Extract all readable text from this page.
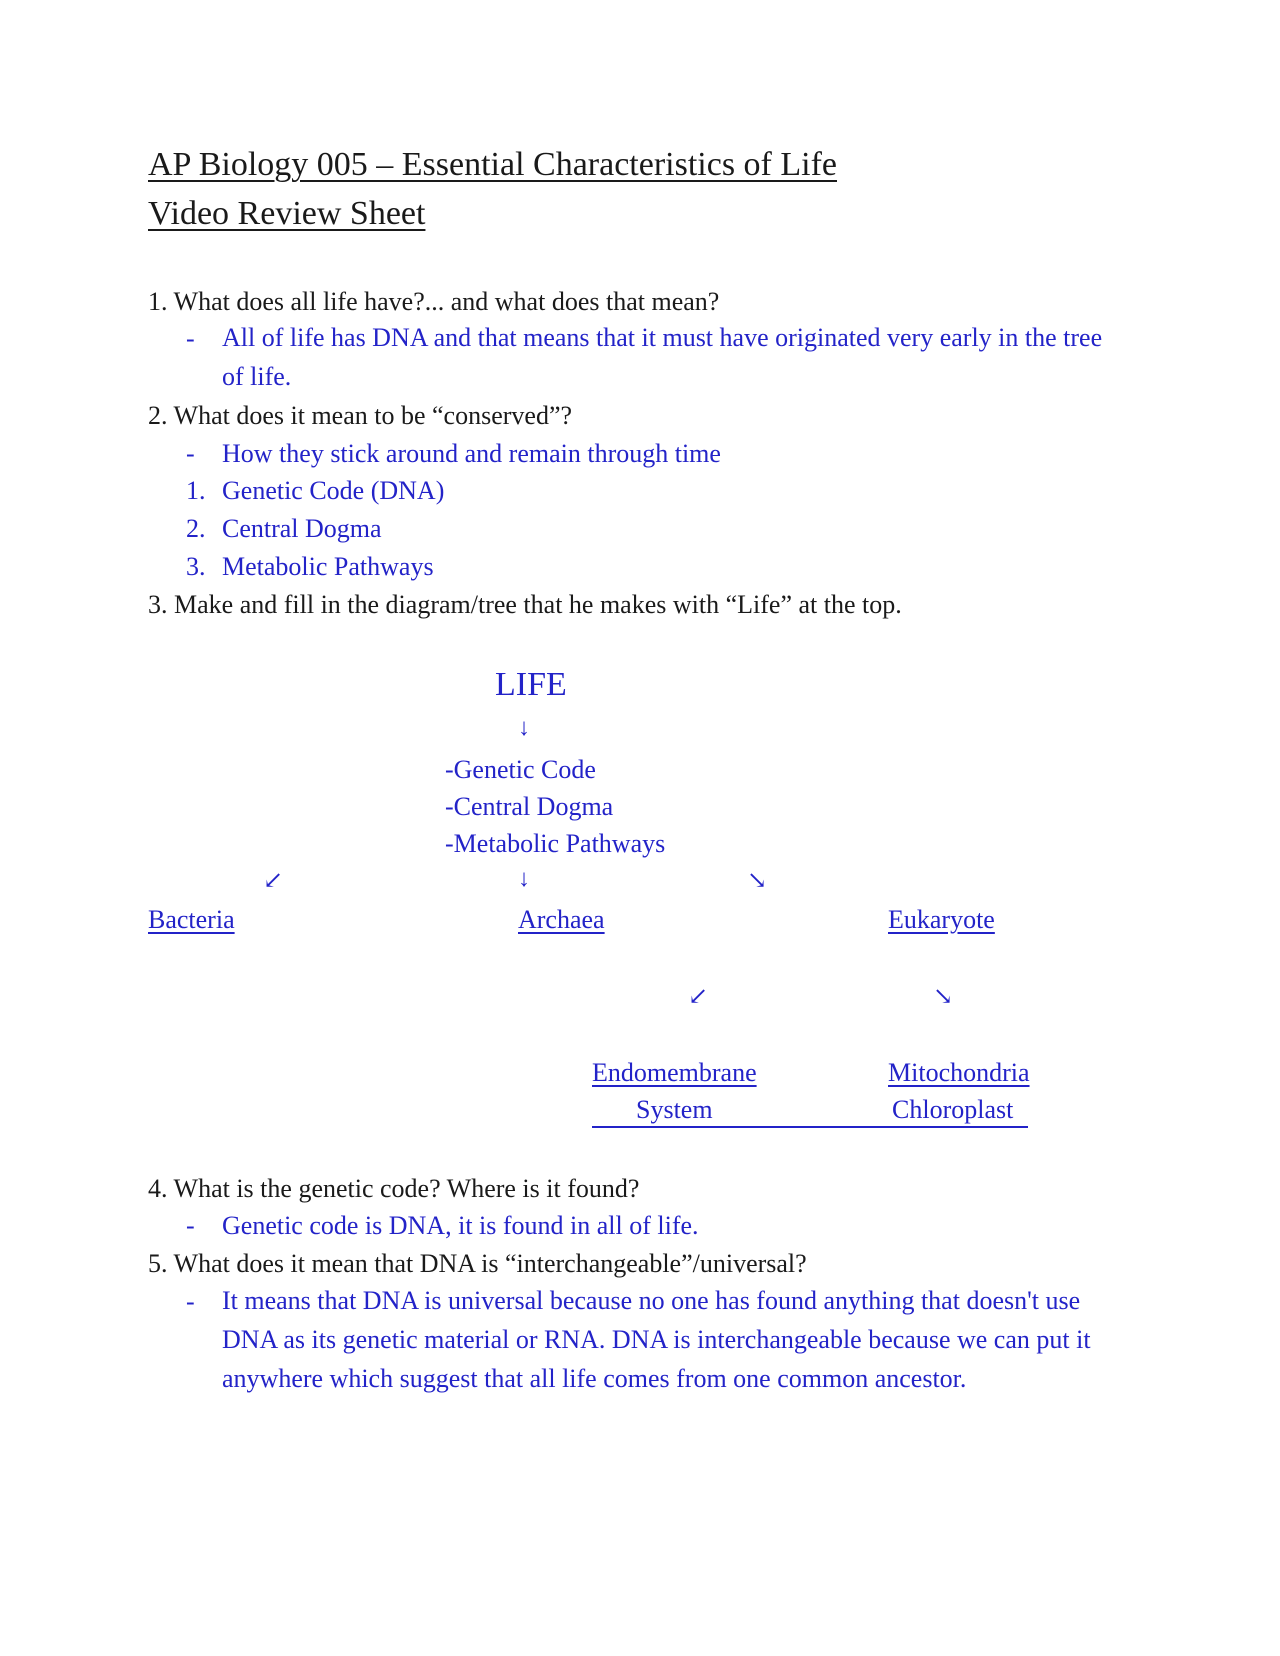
AP Biology 005 – Essential Characteristics of Life
Video Review Sheet
1. What does all life have?... and what does that mean?
- All of life has DNA and that means that it must have originated very early in the tree of life.
2. What does it mean to be “conserved”?
- How they stick around and remain through time
1. Genetic Code (DNA)
2. Central Dogma
3. Metabolic Pathways
3. Make and fill in the diagram/tree that he makes with “Life” at the top.
LIFE
↓
-Genetic Code
-Central Dogma
-Metabolic Pathways
↙	↓	↘
Bacteria	Archaea	Eukaryote
↙	↘
Endomembrane
System
Mitochondria
Chloroplast
4. What is the genetic code? Where is it found?
- Genetic code is DNA, it is found in all of life.
5. What does it mean that DNA is “interchangeable”/universal?
- It means that DNA is universal because no one has found anything that doesn't use DNA as its genetic material or RNA. DNA is interchangeable because we can put it anywhere which suggest that all life comes from one common ancestor.
